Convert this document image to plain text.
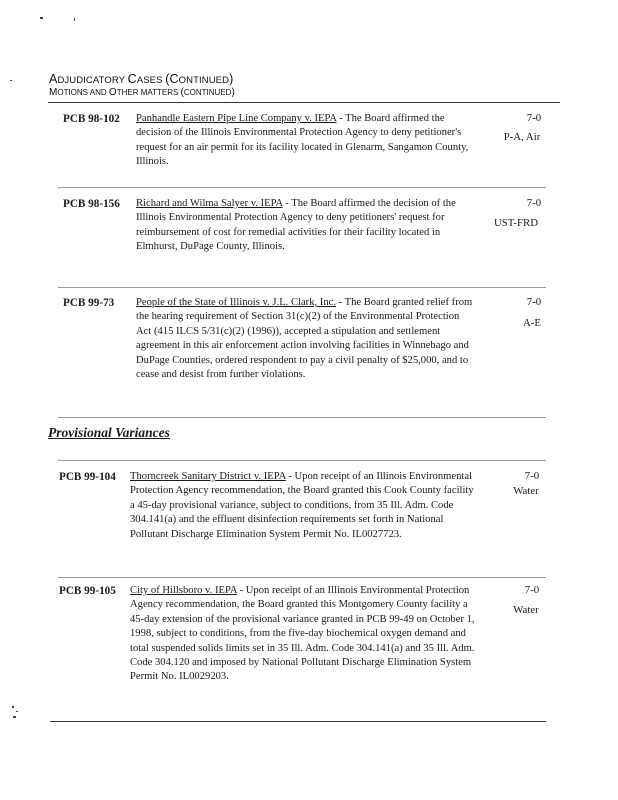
ADJUDICATORY CASES (CONTINUED)
MOTIONS AND OTHER MATTERS (CONTINUED)
PCB 98-102 Panhandle Eastern Pipe Line Company v. IEPA - The Board affirmed the decision of the Illinois Environmental Protection Agency to deny petitioner's request for an air permit for its facility located in Glenarm, Sangamon County, Illinois.
7-0
P-A, Air
PCB 98-156 Richard and Wilma Salyer v. IEPA - The Board affirmed the decision of the Illinois Environmental Protection Agency to deny petitioners' request for reimbursement of cost for remedial activities for their facility located in Elmhurst, DuPage County, Illinois.
7-0
UST-FRD
PCB 99-73 People of the State of Illinois v. J.L. Clark, Inc. - The Board granted relief from the hearing requirement of Section 31(c)(2) of the Environmental Protection Act (415 ILCS 5/31(c)(2) (1996)), accepted a stipulation and settlement agreement in this air enforcement action involving facilities in Winnebago and DuPage Counties, ordered respondent to pay a civil penalty of $25,000, and to cease and desist from further violations.
7-0
A-E
Provisional Variances
PCB 99-104 Thorncreek Sanitary District v. IEPA - Upon receipt of an Illinois Environmental Protection Agency recommendation, the Board granted this Cook County facility a 45-day provisional variance, subject to conditions, from 35 Ill. Adm. Code 304.141(a) and the effluent disinfection requirements set forth in National Pollutant Discharge Elimination System Permit No. IL0027723.
7-0
Water
PCB 99-105 City of Hillsboro v. IEPA - Upon receipt of an Illinois Environmental Protection Agency recommendation, the Board granted this Montgomery County facility a 45-day extension of the provisional variance granted in PCB 99-49 on October 1, 1998, subject to conditions, from the five-day biochemical oxygen demand and total suspended solids limits set in 35 Ill. Adm. Code 304.141(a) and 35 Ill. Adm. Code 304.120 and imposed by National Pollutant Discharge Elimination System Permit No. IL0029203.
7-0
Water
